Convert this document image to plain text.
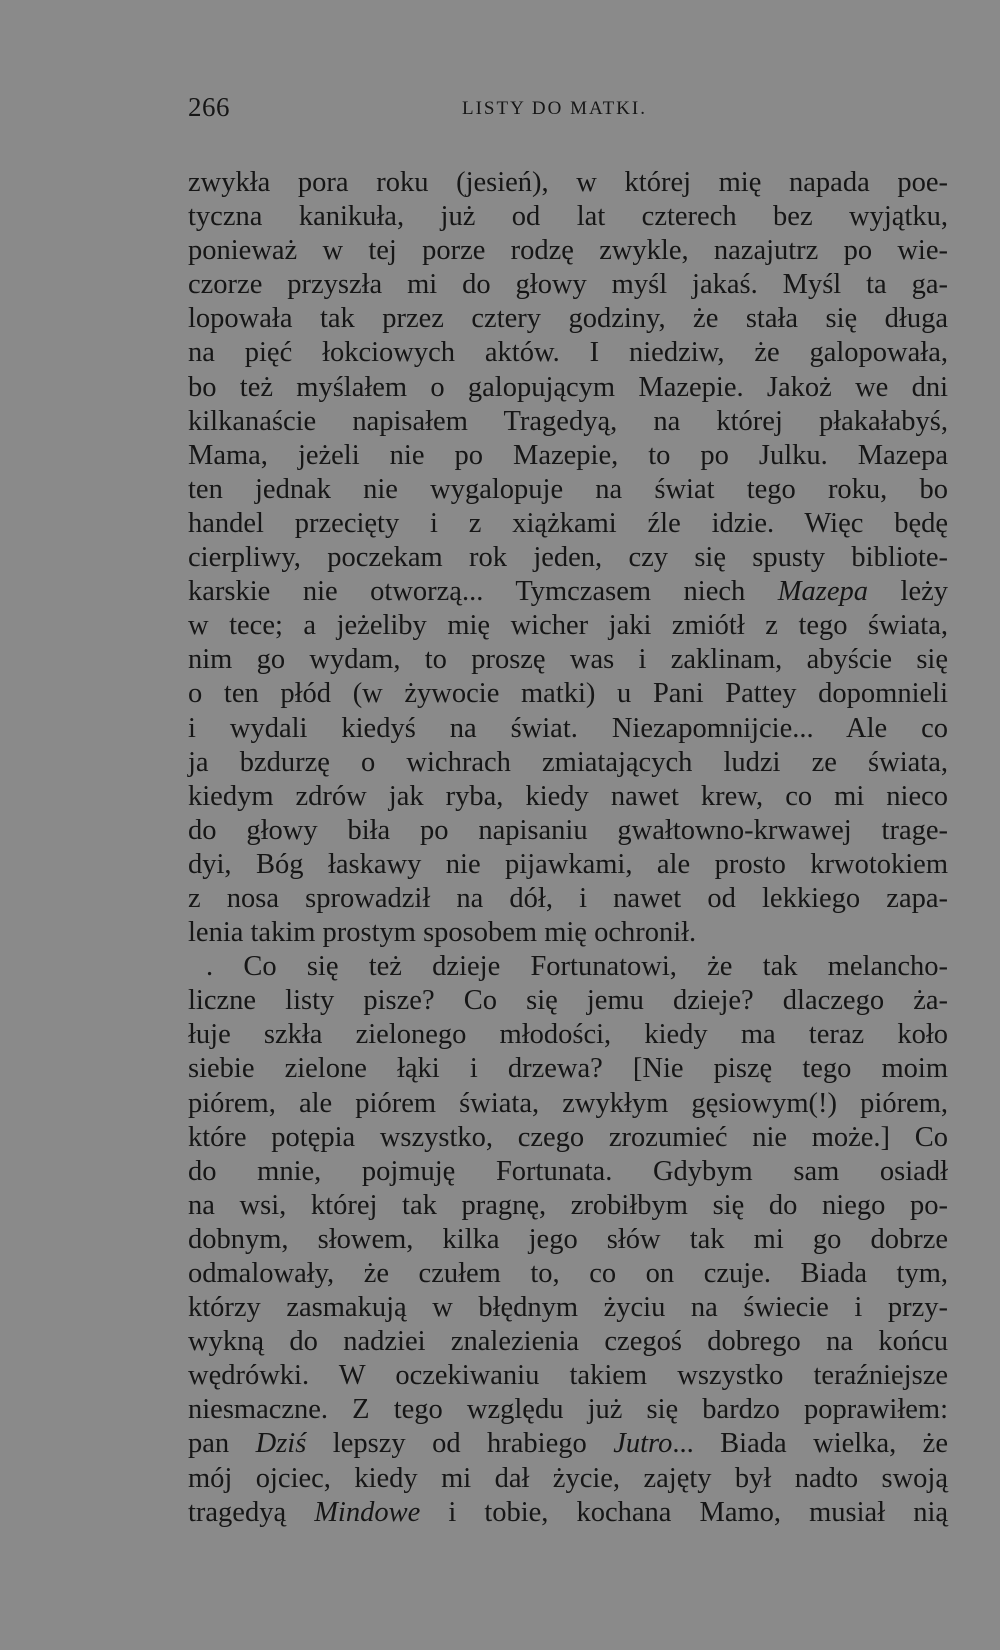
266	LISTY DO MATKI.
zwykła pora roku (jesień), w której mię napada poe-
tyczna kanikuła, już od lat czterech bez wyjątku,
ponieważ w tej porze rodzę zwykle, nazajutrz po wie-
czorze przyszła mi do głowy myśl jakaś. Myśl ta ga-
lopowała tak przez cztery godziny, że stała się długa
na pięć łokciowych aktów. I niedziw, że galopowała,
bo też myślałem o galopującym Mazepie. Jakoż we dni
kilkanaście napisałem Tragedyą, na której płakałabyś,
Mama, jeżeli nie po Mazepie, to po Julku. Mazepa
ten jednak nie wygalopuje na świat tego roku, bo
handel przecięty i z xiążkami źle idzie. Więc będę
cierpliwy, poczekam rok jeden, czy się spusty bibliote-
karskie nie otworzą... Tymczasem niech Mazepa leży
w tece; a jeżeliby mię wicher jaki zmiótł z tego świata,
nim go wydam, to proszę was i zaklinam, abyście się
o ten płód (w żywocie matki) u Pani Pattey dopomnieli
i wydali kiedyś na świat. Niezapomnijcie... Ale co
ja bzdurzę o wichrach zmiatających ludzi ze świata,
kiedym zdrów jak ryba, kiedy nawet krew, co mi nieco
do głowy biła po napisaniu gwałtowno-krwawej trage-
dyi, Bóg łaskawy nie pijawkami, ale prosto krwotokiem
z nosa sprowadził na dół, i nawet od lekkiego zapa-
lenia takim prostym sposobem mię ochronił.
. Co się też dzieje Fortunatowi, że tak melancho-
liczne listy pisze? Co się jemu dzieje? dlaczego ża-
łuje szkła zielonego młodości, kiedy ma teraz koło
siebie zielone łąki i drzewa? [Nie piszę tego moim
piórem, ale piórem świata, zwykłym gęsiowym(!) piórem,
które potępia wszystko, czego zrozumieć nie może.] Co
do mnie, pojmuję Fortunata. Gdybym sam osiadł
na wsi, której tak pragnę, zrobiłbym się do niego po-
dobnym, słowem, kilka jego słów tak mi go dobrze
odmalowały, że czułem to, co on czuje. Biada tym,
którzy zasmakują w błędnym życiu na świecie i przy-
wykną do nadziei znalezienia czegoś dobrego na końcu
wędrówki. W oczekiwaniu takiem wszystko teraźniejsze
niesmaczne. Z tego względu już się bardzo poprawiłem:
pan Dziś lepszy od hrabiego Jutro... Biada wielka, że
mój ojciec, kiedy mi dał życie, zajęty był nadto swoją
tragedyą Mindowe i tobie, kochana Mamo, musiał nią
